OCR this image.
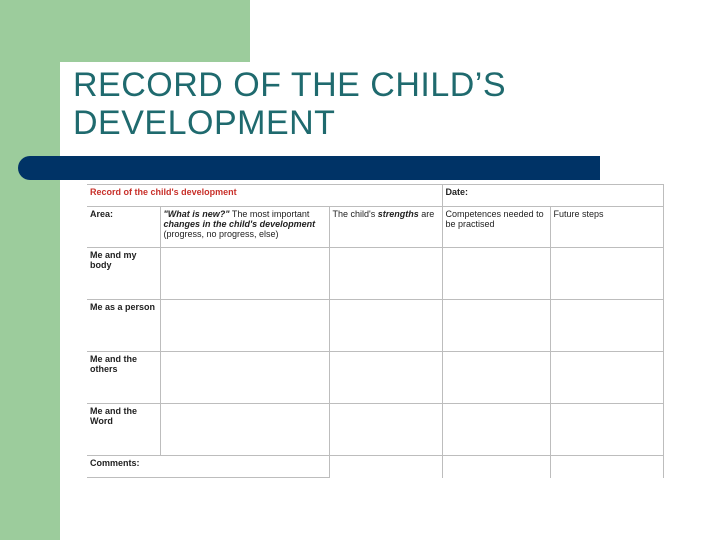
RECORD OF THE CHILD’S DEVELOPMENT
Record of the child's development			Date:	
Area:	"What is new?" The most important changes in the child's development (progress, no progress, else)	The child's strengths are	Competences needed to be practised	Future steps
Me and my body				
Me as a person				
Me and the others				
Me and the Word				
Comments:				
